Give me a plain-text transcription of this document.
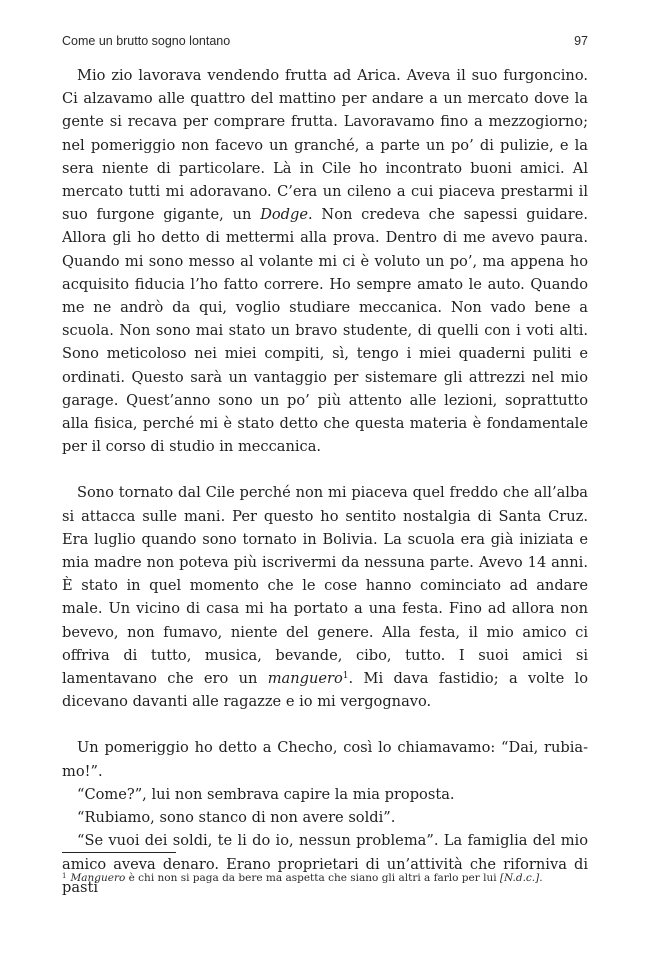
Come un brutto sogno lontano	97

Mio zio lavorava vendendo frutta ad Arica. Aveva il suo furgoncino. Ci alzavamo alle quattro del mattino per andare a un mercato dove la gente si recava per comprare frutta. Lavoravamo fino a mezzogiorno; nel pomeriggio non facevo un granché, a parte un po’ di pulizie, e la sera niente di particolare. Là in Cile ho incontrato buoni amici. Al mercato tutti mi adoravano. C’era un cileno a cui piaceva prestarmi il suo furgone gigante, un Dodge. Non credeva che sapessi guidare. Allora gli ho detto di mettermi alla prova. Dentro di me avevo paura. Quando mi sono messo al volante mi ci è voluto un po’, ma appena ho acquisito fiducia l’ho fatto correre. Ho sempre amato le auto. Quando me ne andrò da qui, voglio studiare meccanica. Non vado bene a scuola. Non sono mai stato un bravo studente, di quelli con i voti alti. Sono meticoloso nei miei compiti, sì, tengo i miei quaderni puliti e ordinati. Questo sarà un vantaggio per sistemare gli attrezzi nel mio garage. Quest’anno sono un po’ più attento alle lezioni, soprattutto alla fisica, perché mi è stato detto che questa materia è fondamentale per il corso di studio in meccanica.

Sono tornato dal Cile perché non mi piaceva quel freddo che all’alba si attacca sulle mani. Per questo ho sentito nostalgia di Santa Cruz. Era luglio quando sono tornato in Bolivia. La scuola era già iniziata e mia madre non poteva più iscrivermi da nessuna parte. Avevo 14 anni. È stato in quel momento che le cose hanno cominciato ad andare male. Un vicino di casa mi ha portato a una festa. Fino ad allora non bevevo, non fumavo, niente del genere. Alla festa, il mio amico ci offriva di tutto, musica, bevande, cibo, tutto. I suoi amici si lamentavano che ero un manguero$^1$. Mi dava fastidio; a volte lo dicevano davanti alle ragazze e io mi vergognavo.

Un pomeriggio ho detto a Checho, così lo chiamavamo: “Dai, rubiamo!”.

“Come?”, lui non sembrava capire la mia proposta.

“Rubiamo, sono stanco di non avere soldi”.

“Se vuoi dei soldi, te li do io, nessun problema”. La famiglia del mio amico aveva denaro. Erano proprietari di un’attività che riforniva di pasti

$^1$ Manguero è chi non si paga da bere ma aspetta che siano gli altri a farlo per lui [N.d.c.].
